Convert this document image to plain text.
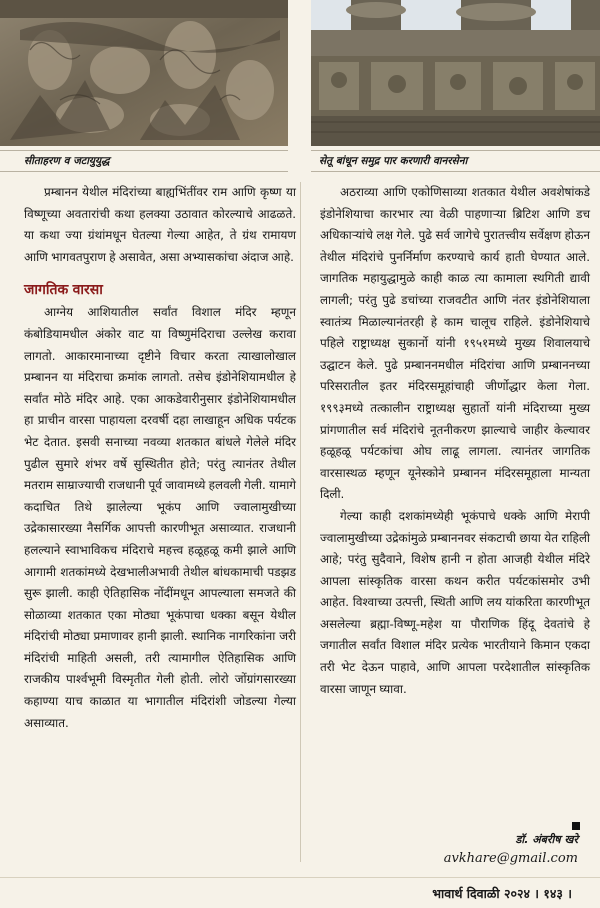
सीताहरण व जटायुयुद्ध	सेतू बांधून समुद्र पार करणारी वानरसेना

प्रम्बानन येथील मंदिरांच्या बाह्यभिंतींवर राम आणि कृष्ण या विष्णूच्या अवतारांची कथा हलक्या उठावात कोरल्याचे आढळते. या कथा ज्या ग्रंथांमधून घेतल्या गेल्या आहेत, ते ग्रंथ रामायण आणि भागवतपुराण हे असावेत, असा अभ्यासकांचा अंदाज आहे.

जागतिक वारसा

आग्नेय आशियातील सर्वांत विशाल मंदिर म्हणून कंबोडियामधील अंकोर वाट या विष्णुमंदिराचा उल्लेख करावा लागतो. आकारमानाच्या दृष्टीने विचार करता त्याखालोखाल प्रम्बानन या मंदिराचा क्रमांक लागतो. तसेच इंडोनेशियामधील हे सर्वांत मोठे मंदिर आहे. एका आकडेवारीनुसार इंडोनेशियामधील हा प्राचीन वारसा पाहायला दरवर्षी दहा लाखाहून अधिक पर्यटक भेट देतात. इसवी सनाच्या नवव्या शतकात बांधले गेलेले मंदिर पुढील सुमारे शंभर वर्षे सुस्थितीत होते; परंतु त्यानंतर तेथील मतराम साम्राज्याची राजधानी पूर्व जावामध्ये हलवली गेली. यामागे कदाचित तिथे झालेल्या भूकंप आणि ज्वालामुखीच्या उद्रेकासारख्या नैसर्गिक आपत्ती कारणीभूत असाव्यात. राजधानी हलल्याने स्वाभाविकच मंदिराचे महत्त्व हळूहळू कमी झाले आणि आगामी शतकांमध्ये देखभालीअभावी तेथील बांधकामाची पडझड सुरू झाली. काही ऐतिहासिक नोंदींमधून आपल्याला समजते की सोळाव्या शतकात एका मोठ्या भूकंपाचा धक्का बसून येथील मंदिरांची मोठ्या प्रमाणावर हानी झाली. स्थानिक नागरिकांना जरी मंदिरांची माहिती असली, तरी त्यामागील ऐतिहासिक आणि राजकीय पार्श्वभूमी विस्मृतीत गेली होती. लोरो जोंग्रांगसारख्या कहाण्या याच काळात या भागातील मंदिरांशी जोडल्या गेल्या असाव्यात.

अठराव्या आणि एकोणिसाव्या शतकात येथील अवशेषांकडे इंडोनेशियाचा कारभार त्या वेळी पाहणाऱ्या ब्रिटिश आणि डच अधिकाऱ्यांचे लक्ष गेले. पुढे सर्व जागेचे पुरातत्त्वीय सर्वेक्षण होऊन तेथील मंदिरांचे पुनर्निर्माण करण्याचे कार्य हाती घेण्यात आले. जागतिक महायुद्धामुळे काही काळ त्या कामाला स्थगिती द्यावी लागली; परंतु पुढे डचांच्या राजवटीत आणि नंतर इंडोनेशियाला स्वातंत्र्य मिळाल्यानंतरही हे काम चालूच राहिले. इंडोनेशियाचे पहिले राष्ट्राध्यक्ष सुकार्नो यांनी १९५१मध्ये मुख्य शिवालयाचे उद्घाटन केले. पुढे प्रम्बाननमधील मंदिरांचा आणि प्रम्बाननच्या परिसरातील इतर मंदिरसमूहांचाही जीर्णोद्धार केला गेला. १९९३मध्ये तत्कालीन राष्ट्राध्यक्ष सुहार्तो यांनी मंदिराच्या मुख्य प्रांगणातील सर्व मंदिरांचे नूतनीकरण झाल्याचे जाहीर केल्यावर हळूहळू पर्यटकांचा ओघ लाढू लागला. त्यानंतर जागतिक वारसास्थळ म्हणून यूनेस्कोने प्रम्बानन मंदिरसमूहाला मान्यता दिली.

गेल्या काही दशकांमध्येही भूकंपाचे धक्के आणि मेरापी ज्वालामुखीच्या उद्रेकांमुळे प्रम्बाननवर संकटाची छाया येत राहिली आहे; परंतु सुदैवाने, विशेष हानी न होता आजही येथील मंदिरे आपला सांस्कृतिक वारसा कथन करीत पर्यटकांसमोर उभी आहेत. विश्वाच्या उत्पत्ती, स्थिती आणि लय यांकरिता कारणीभूत असलेल्या ब्रह्मा-विष्णू-महेश या पौराणिक हिंदू देवतांचे हे जगातील सर्वांत विशाल मंदिर प्रत्येक भारतीयाने किमान एकदा तरी भेट देऊन पाहावे, आणि आपला परदेशातील सांस्कृतिक वारसा जाणून घ्यावा.

डॉ. अंबरीष खरे
avkhare@gmail.com
भावार्थ दिवाळी २०२४ । १४३ ।
